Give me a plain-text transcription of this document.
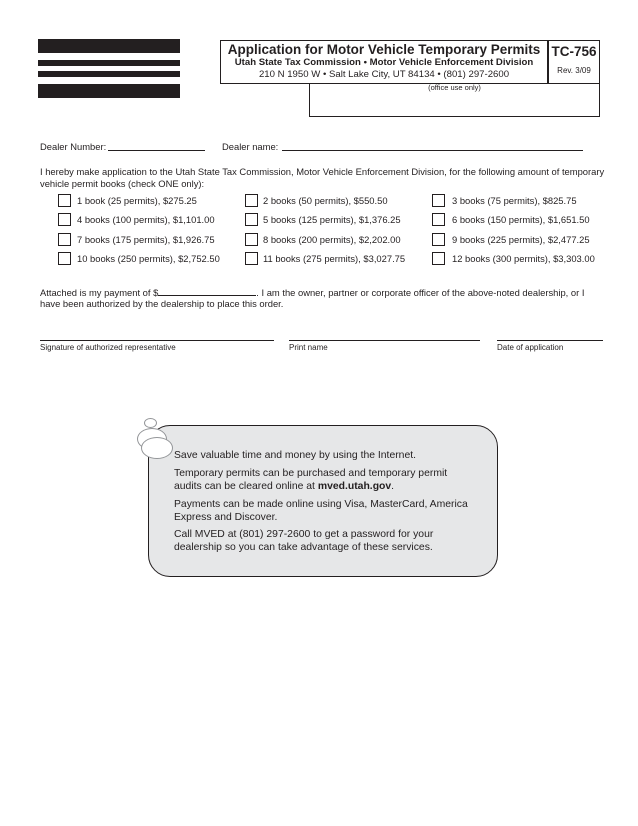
Application for Motor Vehicle Temporary Permits
Utah State Tax Commission • Motor Vehicle Enforcement Division
210 N 1950 W • Salt Lake City, UT 84134 • (801) 297-2600
TC-756
Rev. 3/09
(office use only)
Dealer Number:	Dealer name:
I hereby make application to the Utah State Tax Commission, Motor Vehicle Enforcement Division, for the following amount of temporary vehicle permit books (check ONE only):
1 book (25 permits), $275.25	2 books (50 permits), $550.50	3 books (75 permits), $825.75
4 books (100 permits), $1,101.00	5 books (125 permits), $1,376.25	6 books (150 permits), $1,651.50
7 books (175 permits), $1,926.75	8 books (200 permits), $2,202.00	9 books (225 permits), $2,477.25
10 books (250 permits), $2,752.50	11 books (275 permits), $3,027.75	12 books (300 permits), $3,303.00
Attached is my payment of $	. I am the owner, partner or corporate officer of the above-noted dealership, or I
have been authorized by the dealership to place this order.
Signature of authorized representative	Print name	Date of application
Save valuable time and money by using the Internet.
Temporary permits can be purchased and temporary permit audits can be cleared online at mved.utah.gov.
Payments can be made online using Visa, MasterCard, America Express and Discover.
Call MVED at (801) 297-2600 to get a password for your dealership so you can take advantage of these services.
